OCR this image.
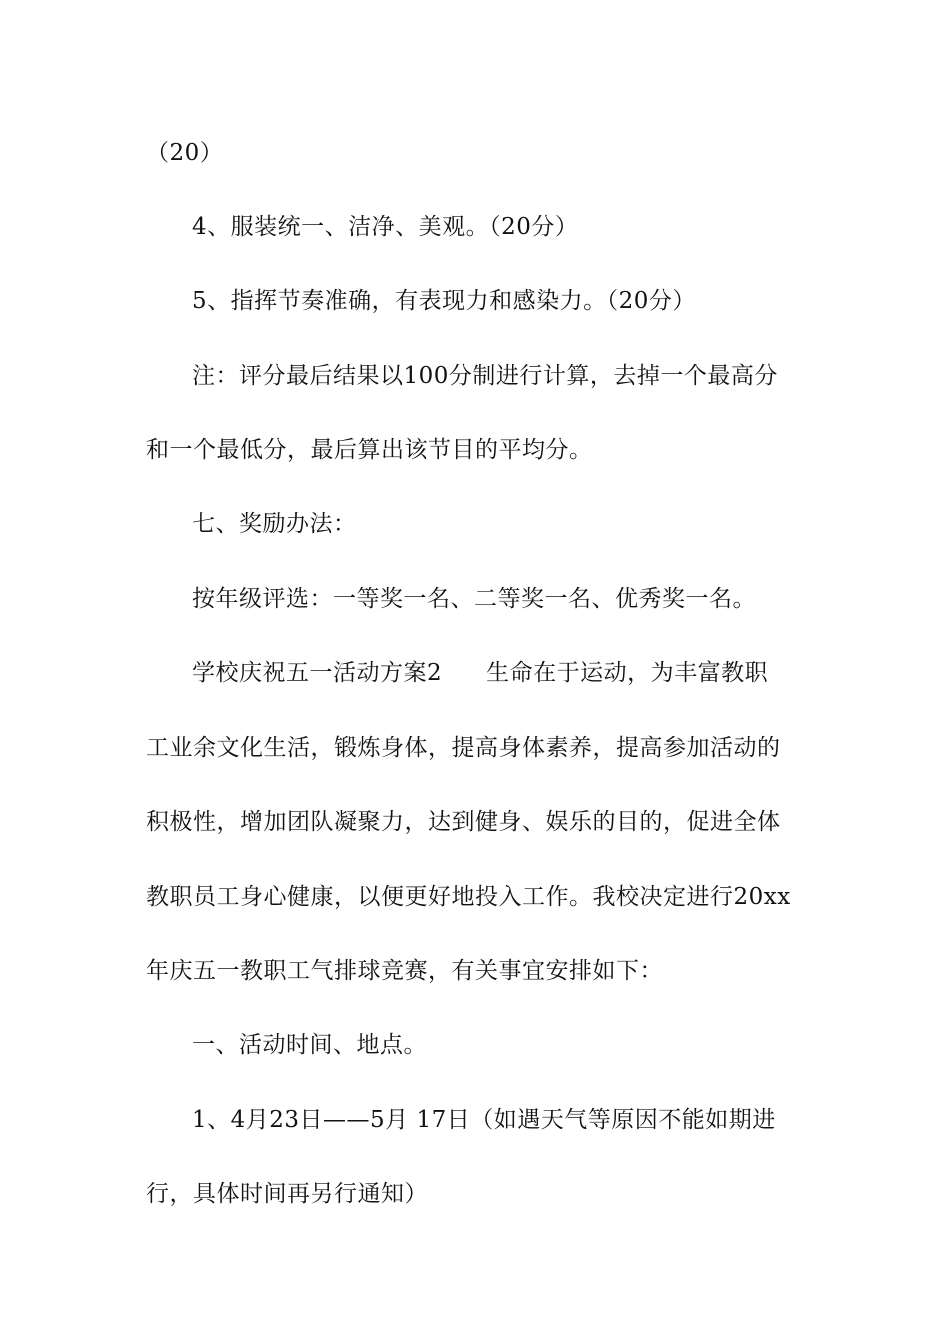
（20）

4、服装统一、洁净、美观。（20分）

5、指挥节奏准确，有表现力和感染力。（20分）

注：评分最后结果以100分制进行计算，去掉一个最高分

和一个最低分，最后算出该节目的平均分。

七、奖励办法：

按年级评选：一等奖一名、二等奖一名、优秀奖一名。

学校庆祝五一活动方案2 生命在于运动，为丰富教职

工业余文化生活，锻炼身体，提高身体素养，提高参加活动的

积极性，增加团队凝聚力，达到健身、娱乐的目的，促进全体

教职员工身心健康，以便更好地投入工作。我校决定进行20xx

年庆五一教职工气排球竞赛，有关事宜安排如下：

一、活动时间、地点。

1、4月23日——5月 17日（如遇天气等原因不能如期进

行，具体时间再另行通知）
